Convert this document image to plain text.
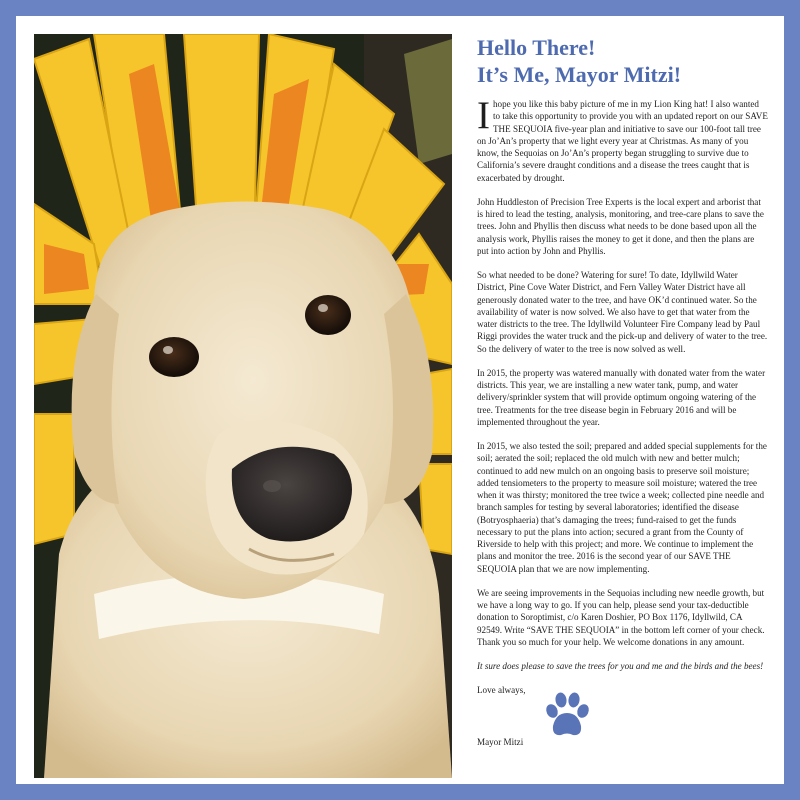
Hello There!
It’s Me, Mayor Mitzi!

Ihope you like this baby picture of me in my Lion King hat! I also wanted to take this opportunity to provide you with an updated report on our SAVE THE SEQUOIA five-year plan and initiative to save our 100-foot tall tree on Jo’An’s property that we light every year at Christmas. As many of you know, the Sequoias on Jo’An’s property began struggling to survive due to California’s severe draught conditions and a disease the trees caught that is exacerbated by drought.

John Huddleston of Precision Tree Experts is the local expert and arborist that is hired to lead the testing, analysis, monitoring, and tree-care plans to save the trees. John and Phyllis then discuss what needs to be done based upon all the analysis work, Phyllis raises the money to get it done, and then the plans are put into action by John and Phyllis.

So what needed to be done? Watering for sure! To date, Idyllwild Water District, Pine Cove Water District, and Fern Valley Water District have all generously donated water to the tree, and have OK’d continued water. So the availability of water is now solved. We also have to get that water from the water districts to the tree. The Idyllwild Volunteer Fire Company lead by Paul Riggi provides the water truck and the pick-up and delivery of water to the tree. So the delivery of water to the tree is now solved as well.

In 2015, the property was watered manually with donated water from the water districts. This year, we are installing a new water tank, pump, and water delivery/sprinkler system that will provide optimum ongoing watering of the tree. Treatments for the tree disease begin in February 2016 and will be implemented throughout the year.

In 2015, we also tested the soil; prepared and added special supplements for the soil; aerated the soil; replaced the old mulch with new and better mulch; continued to add new mulch on an ongoing basis to preserve soil moisture; added tensiometers to the property to measure soil moisture; watered the tree when it was thirsty; monitored the tree twice a week; collected pine needle and branch samples for testing by several laboratories; identified the disease (Botryosphaeria) that’s damaging the trees; fund-raised to get the funds necessary to put the plans into action; secured a grant from the County of Riverside to help with this project; and more. We continue to implement the plans and monitor the tree. 2016 is the second year of our SAVE THE SEQUOIA plan that we are now implementing.

We are seeing improvements in the Sequoias including new needle growth, but we have a long way to go. If you can help, please send your tax-deductible donation to Soroptimist, c/o Karen Doshier, PO Box 1176, Idyllwild, CA 92549. Write “SAVE THE SEQUOIA” in the bottom left corner of your check. Thank you so much for your help. We welcome donations in any amount.

It sure does please to save the trees for you and me and the birds and the bees!

Love always,
Mayor Mitzi
